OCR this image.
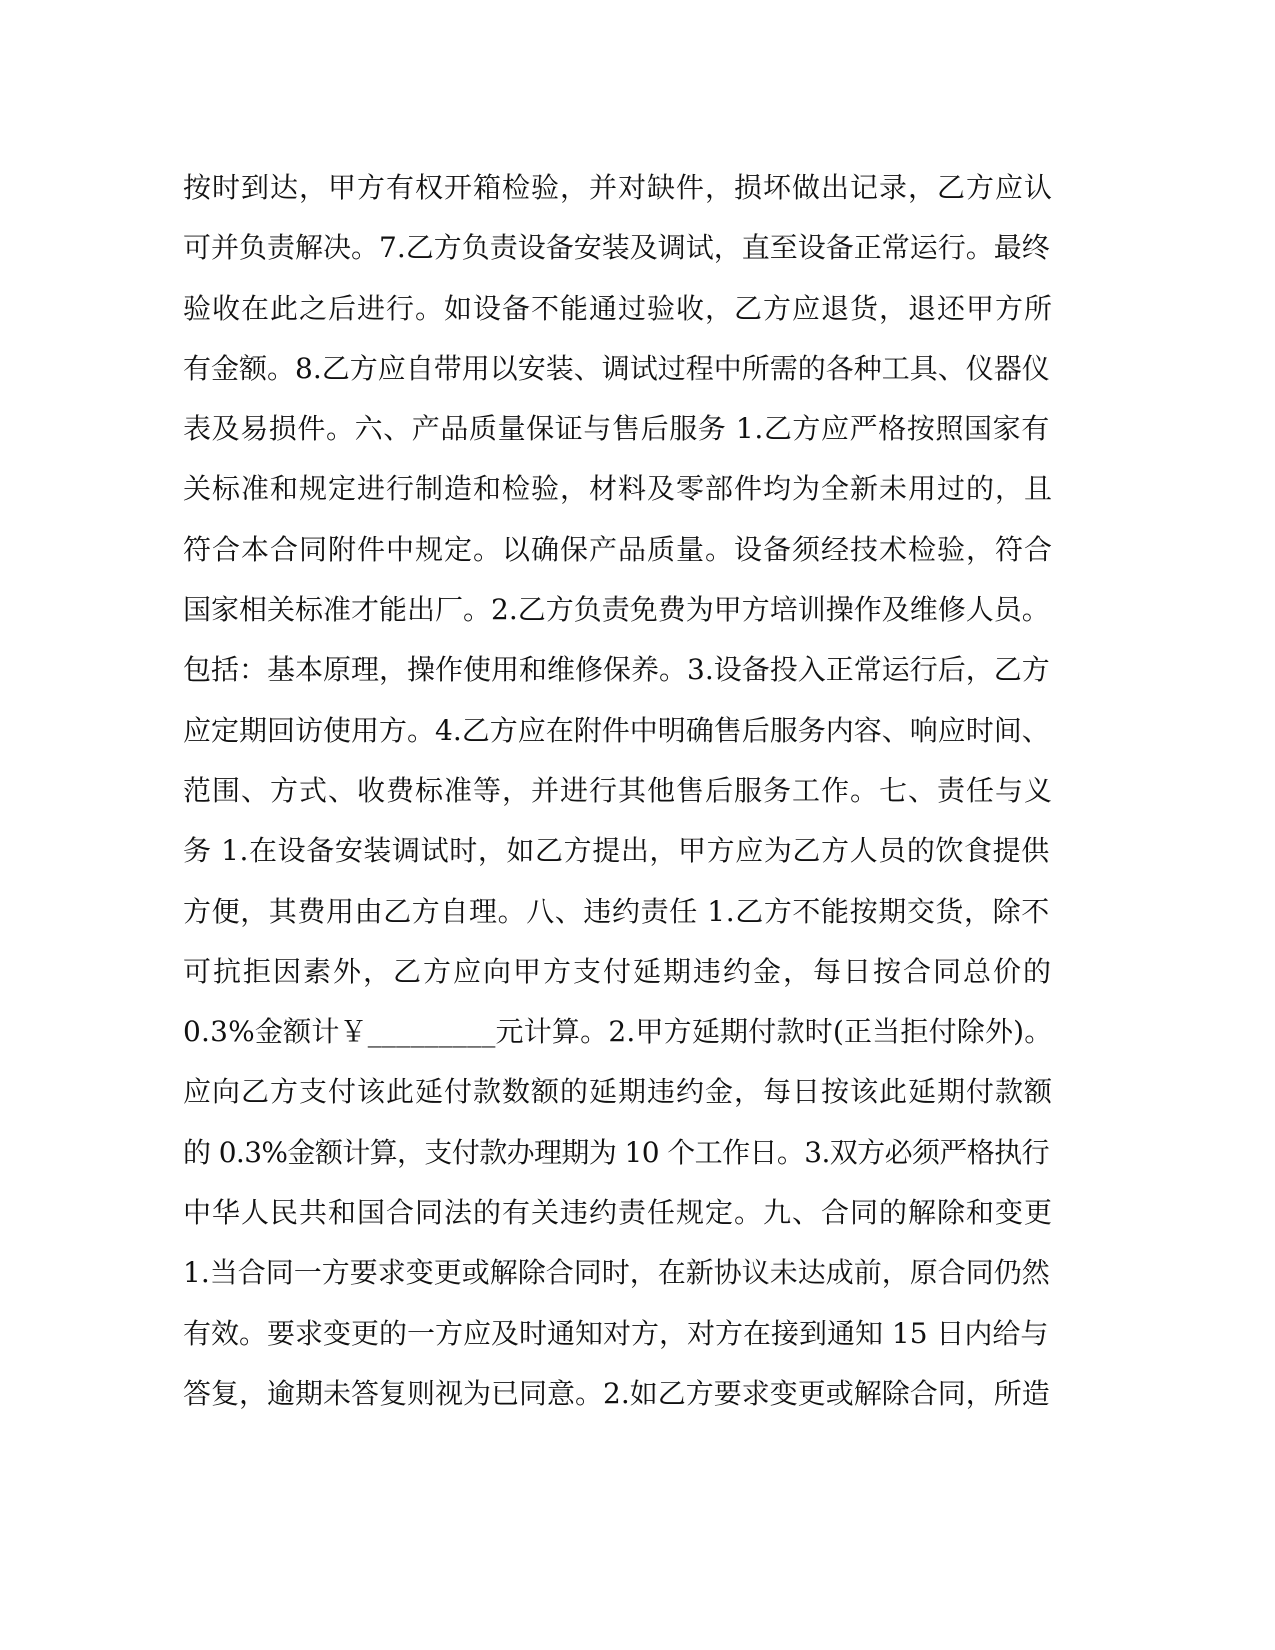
按时到达，甲方有权开箱检验，并对缺件，损坏做出记录，乙方应认
可并负责解决。7.乙方负责设备安装及调试，直至设备正常运行。最终
验收在此之后进行。如设备不能通过验收，乙方应退货，退还甲方所
有金额。8.乙方应自带用以安装、调试过程中所需的各种工具、仪器仪
表及易损件。六、产品质量保证与售后服务 1.乙方应严格按照国家有
关标准和规定进行制造和检验，材料及零部件均为全新未用过的，且
符合本合同附件中规定。以确保产品质量。设备须经技术检验，符合
国家相关标准才能出厂。2.乙方负责免费为甲方培训操作及维修人员。
包括：基本原理，操作使用和维修保养。3.设备投入正常运行后，乙方
应定期回访使用方。4.乙方应在附件中明确售后服务内容、响应时间、
范围、方式、收费标准等，并进行其他售后服务工作。七、责任与义
务 1.在设备安装调试时，如乙方提出，甲方应为乙方人员的饮食提供
方便，其费用由乙方自理。八、违约责任 1.乙方不能按期交货，除不
可抗拒因素外，乙方应向甲方支付延期违约金，每日按合同总价的
0.3%金额计￥_________元计算。2.甲方延期付款时(正当拒付除外)。
应向乙方支付该此延付款数额的延期违约金，每日按该此延期付款额
的 0.3%金额计算，支付款办理期为 10 个工作日。3.双方必须严格执行
中华人民共和国合同法的有关违约责任规定。九、合同的解除和变更
1.当合同一方要求变更或解除合同时，在新协议未达成前，原合同仍然
有效。要求变更的一方应及时通知对方，对方在接到通知 15 日内给与
答复，逾期未答复则视为已同意。2.如乙方要求变更或解除合同，所造
